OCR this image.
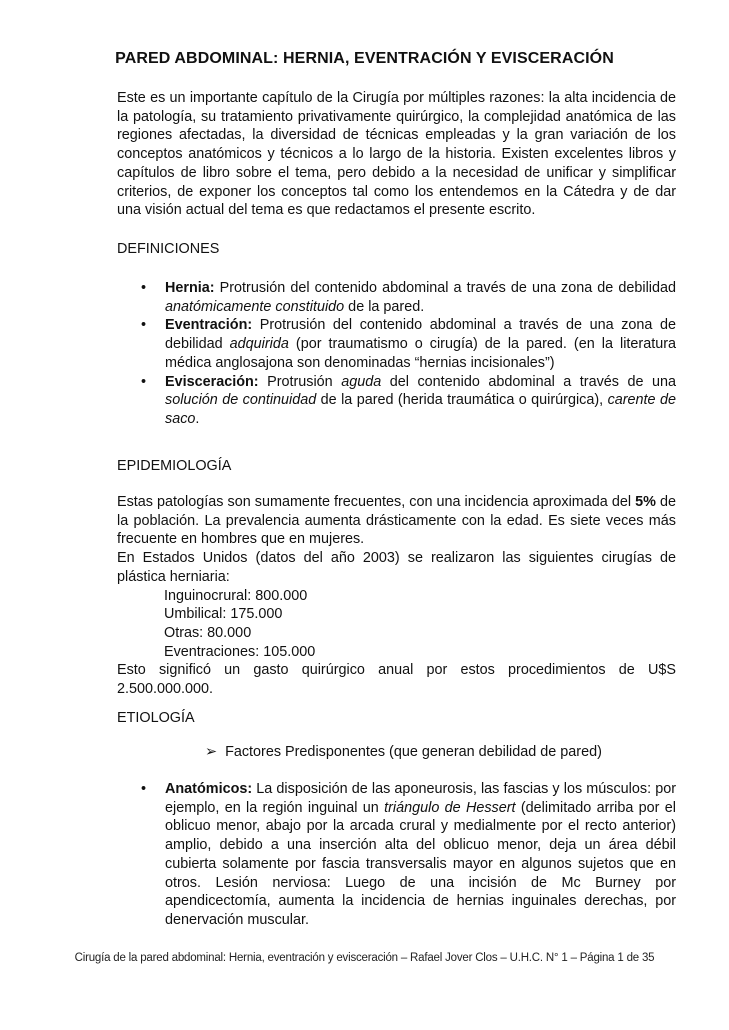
PARED ABDOMINAL: HERNIA, EVENTRACIÓN Y EVISCERACIÓN

Este es un importante capítulo de la Cirugía por múltiples razones: la alta incidencia de la patología, su tratamiento privativamente quirúrgico, la complejidad anatómica de las regiones afectadas, la diversidad de técnicas empleadas y la gran variación de los conceptos anatómicos y técnicos a lo largo de la historia. Existen excelentes libros y capítulos de libro sobre el tema, pero debido a la necesidad de unificar y simplificar criterios, de exponer los conceptos tal como los entendemos en la Cátedra y de dar una visión actual del tema es que redactamos el presente escrito.

DEFINICIONES

• Hernia: Protrusión del contenido abdominal a través de una zona de debilidad anatómicamente constituido de la pared.
• Eventración: Protrusión del contenido abdominal a través de una zona de debilidad adquirida (por traumatismo o cirugía) de la pared. (en la literatura médica anglosajona son denominadas “hernias incisionales”)
• Evisceración: Protrusión aguda del contenido abdominal a través de una solución de continuidad de la pared (herida traumática o quirúrgica), carente de saco.

EPIDEMIOLOGÍA

Estas patologías son sumamente frecuentes, con una incidencia aproximada del 5% de la población. La prevalencia aumenta drásticamente con la edad. Es siete veces más frecuente en hombres que en mujeres.
En Estados Unidos (datos del año 2003) se realizaron las siguientes cirugías de plástica herniaria:
Inguinocrural: 800.000
Umbilical: 175.000
Otras: 80.000
Eventraciones: 105.000
Esto significó un gasto quirúrgico anual por estos procedimientos de U$S 2.500.000.000.

ETIOLOGÍA

➢ Factores Predisponentes (que generan debilidad de pared)
• Anatómicos: La disposición de las aponeurosis, las fascias y los músculos: por ejemplo, en la región inguinal un triángulo de Hessert (delimitado arriba por el oblicuo menor, abajo por la arcada crural y medialmente por el recto anterior) amplio, debido a una inserción alta del oblicuo menor, deja un área débil cubierta solamente por fascia transversalis mayor en algunos sujetos que en otros. Lesión nerviosa: Luego de una incisión de Mc Burney por apendicectomía, aumenta la incidencia de hernias inguinales derechas, por denervación muscular.
Cirugía de la pared abdominal: Hernia, eventración y evisceración – Rafael Jover Clos – U.H.C. N° 1 – Página 1 de 35
